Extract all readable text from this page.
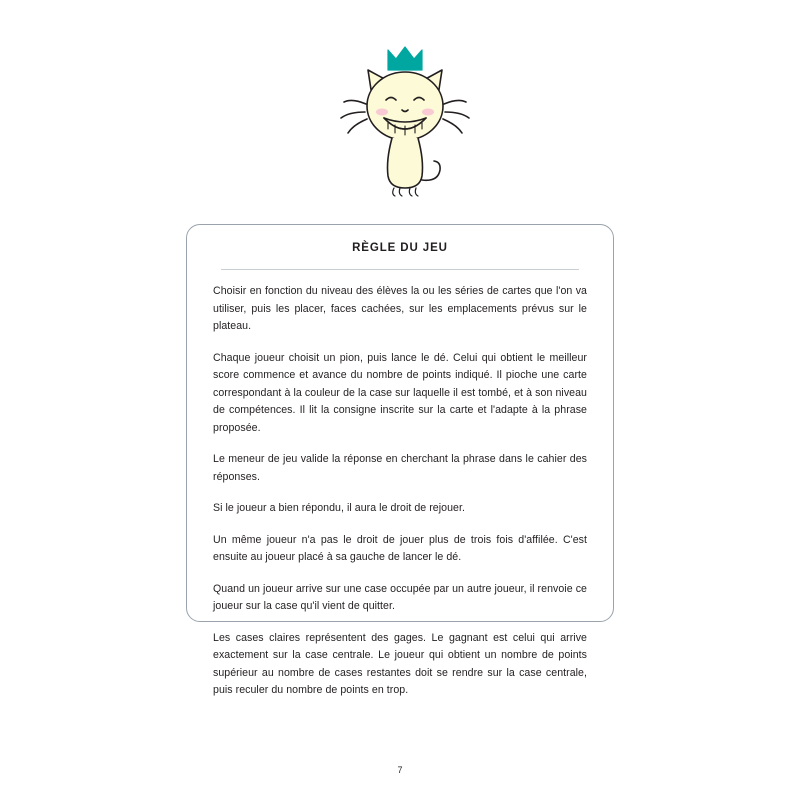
RÈGLE DU JEU

Choisir en fonction du niveau des élèves la ou les séries de cartes que l'on va utiliser, puis les placer, faces cachées, sur les emplacements prévus sur le plateau.

Chaque joueur choisit un pion, puis lance le dé. Celui qui obtient le meilleur score commence et avance du nombre de points indiqué. Il pioche une carte correspondant à la couleur de la case sur laquelle il est tombé, et à son niveau de compétences. Il lit la consigne inscrite sur la carte et l'adapte à la phrase proposée.

Le meneur de jeu valide la réponse en cherchant la phrase dans le cahier des réponses.

Si le joueur a bien répondu, il aura le droit de rejouer.

Un même joueur n'a pas le droit de jouer plus de trois fois d'affilée. C'est ensuite au joueur placé à sa gauche de lancer le dé.

Quand un joueur arrive sur une case occupée par un autre joueur, il renvoie ce joueur sur la case qu'il vient de quitter.

Les cases claires représentent des gages. Le gagnant est celui qui arrive exactement sur la case centrale. Le joueur qui obtient un nombre de points supérieur au nombre de cases restantes doit se rendre sur la case centrale, puis reculer du nombre de points en trop.

7
